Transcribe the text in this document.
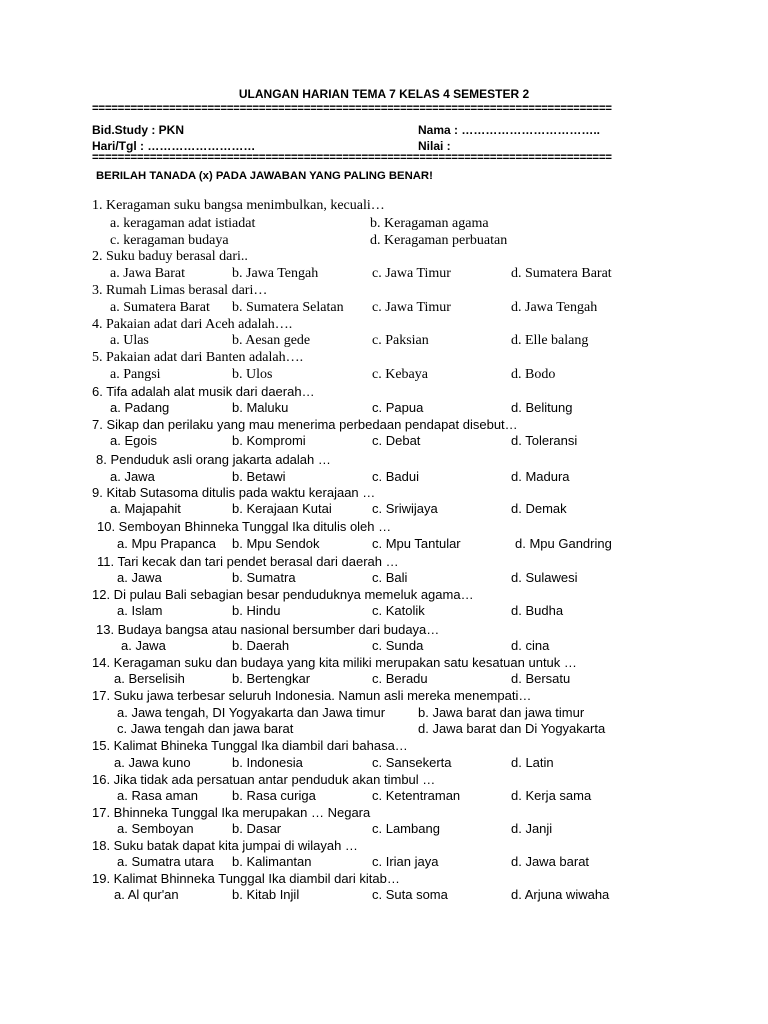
ULANGAN HARIAN TEMA 7 KELAS 4 SEMESTER 2
=================================================================================
Bid.Study : PKN	Nama : ……………………………..
Hari/Tgl : ………………………	Nilai :
=================================================================================
BERILAH TANADA (x) PADA JAWABAN YANG PALING BENAR!
1. Keragaman suku bangsa menimbulkan, kecuali…
a. keragaman adat istiadat	b. Keragaman agama
c. keragaman budaya	d. Keragaman perbuatan
2. Suku baduy berasal dari..
a. Jawa Barat	b. Jawa Tengah	c. Jawa Timur	d. Sumatera Barat
3. Rumah Limas berasal dari…
a. Sumatera Barat b. Sumatera Selatan c. Jawa Timur	d. Jawa Tengah
4. Pakaian adat dari Aceh adalah….
a. Ulas	b. Aesan gede	c. Paksian	d. Elle balang
5. Pakaian adat dari Banten adalah….
a. Pangsi	b. Ulos	c. Kebaya	d. Bodo
6. Tifa adalah alat musik dari daerah…
a. Padang	b. Maluku	c. Papua	d. Belitung
7. Sikap dan perilaku yang mau menerima perbedaan pendapat disebut…
a. Egois	b. Kompromi	c. Debat	d. Toleransi
8. Penduduk asli orang jakarta adalah …
a. Jawa	b. Betawi	c. Badui	d. Madura
9. Kitab Sutasoma ditulis pada waktu kerajaan …
a. Majapahit	b. Kerajaan Kutai	c. Sriwijaya	d. Demak
10. Semboyan Bhinneka Tunggal Ika ditulis oleh …
a. Mpu Prapanca b. Mpu Sendok	c. Mpu Tantular	d. Mpu Gandring
11. Tari kecak dan tari pendet berasal dari daerah …
a. Jawa	b. Sumatra	c. Bali	d. Sulawesi
12. Di pulau Bali sebagian besar penduduknya memeluk agama…
a. Islam	b. Hindu	c. Katolik	d. Budha
13. Budaya bangsa atau nasional bersumber dari budaya…
a. Jawa	b. Daerah	c. Sunda	d. cina
14. Keragaman suku dan budaya yang kita miliki merupakan satu kesatuan untuk …
a. Berselisih	b. Bertengkar	c. Beradu	d. Bersatu
17. Suku jawa terbesar seluruh Indonesia. Namun asli mereka menempati…
a. Jawa tengah, DI Yogyakarta dan Jawa timur	b. Jawa barat dan jawa timur
c. Jawa tengah dan jawa barat	d. Jawa barat dan Di Yogyakarta
15. Kalimat Bhineka Tunggal Ika diambil dari bahasa…
a. Jawa kuno	b. Indonesia	c. Sansekerta	d. Latin
16. Jika tidak ada persatuan antar penduduk akan timbul …
a. Rasa aman	b. Rasa curiga	c. Ketentraman	d. Kerja sama
17. Bhinneka Tunggal Ika merupakan … Negara
a. Semboyan	b. Dasar	c. Lambang	d. Janji
18. Suku batak dapat kita jumpai di wilayah …
a. Sumatra utara b. Kalimantan	c. Irian jaya	d. Jawa barat
19. Kalimat Bhinneka Tunggal Ika diambil dari kitab…
a. Al qur'an	b. Kitab Injil	c. Suta soma	d. Arjuna wiwaha
